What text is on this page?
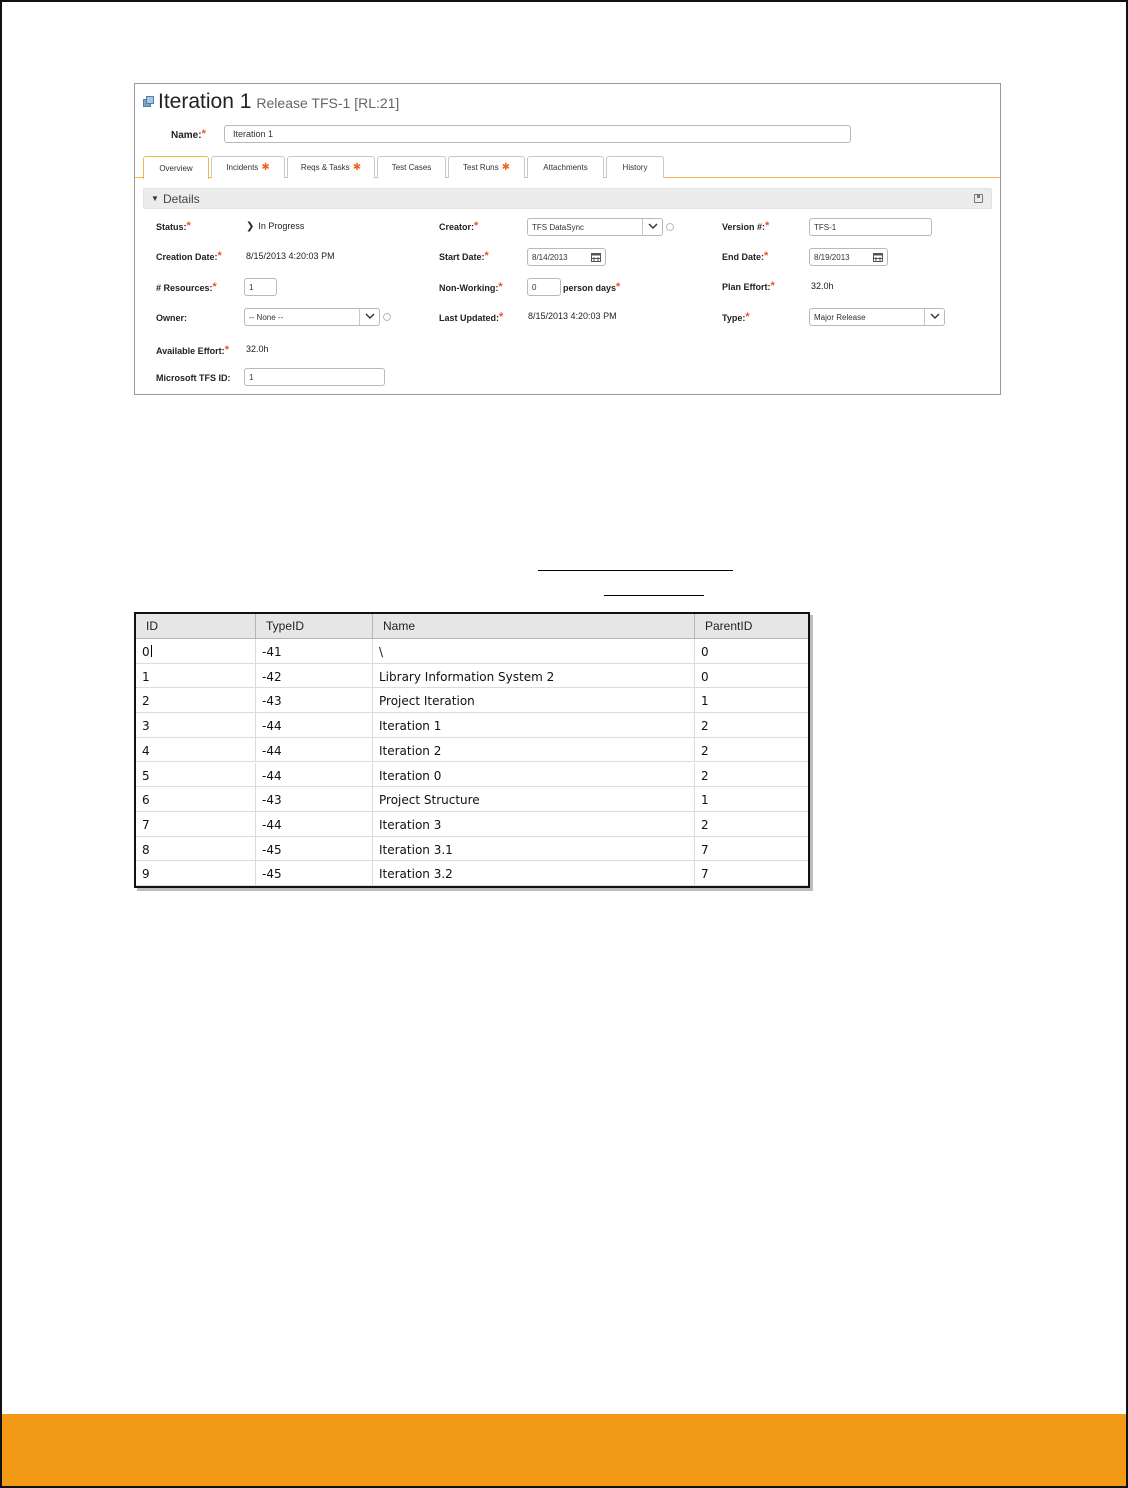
Iteration 1 Release TFS-1 [RL:21]
Name:*	Iteration 1
Overview	Incidents ✱	Reqs & Tasks ✱	Test Cases	Test Runs ✱	Attachments	History
▼ Details
Status:*	❯ In Progress
Creation Date:*	8/15/2013 4:20:03 PM
# Resources:*	1
Owner:	-- None --
Available Effort:* 32.0h
Microsoft TFS ID:	1
Creator:*	TFS DataSync
Start Date:*	8/14/2013
Non-Working:*	0	person days*
Last Updated:*	8/15/2013 4:20:03 PM
Version #:*	TFS-1
End Date:*	8/19/2013
Plan Effort:*	32.0h
Type:*	Major Release
ID	TypeID	Name	ParentID
0	-41	\	0
1	-42	Library Information System 2	0
2	-43	Project Iteration	1
3	-44	Iteration 1	2
4	-44	Iteration 2	2
5	-44	Iteration 0	2
6	-43	Project Structure	1
7	-44	Iteration 3	2
8	-45	Iteration 3.1	7
9	-45	Iteration 3.2	7
